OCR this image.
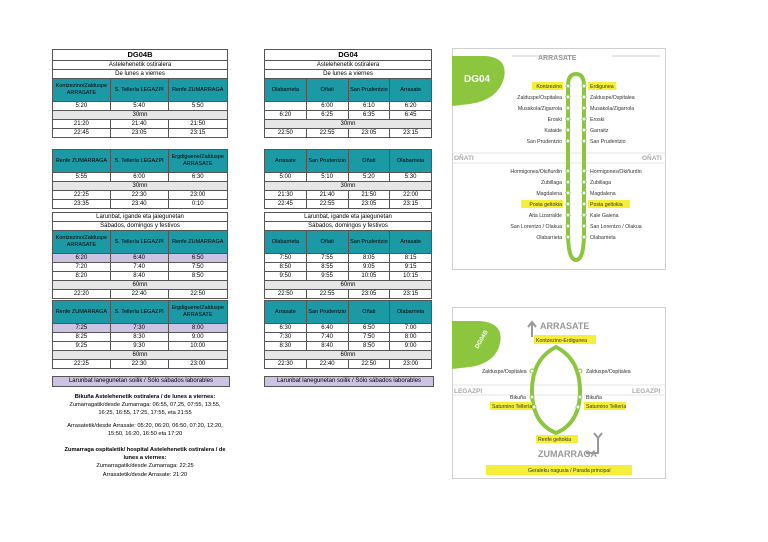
DG04B		
Astelehenetik ostiralera		
De lunes a viernes		
Kontzezino/Zalduspe ARRASATE	S. Tellería LEGAZPI	Renfe ZUMARRAGA
5:20	5:40	5:50
30mn		
21:20	21:40	21:50
22:45	23:05	23:15
Renfe ZUMARRAGA	S. Tellería LEGAZPI	Ergdiguene/Zalduspe ARRASATE
5:55	6:00	6:30
30mn		
22:25	22:30	23:00
23:35	23:40	0:10
Larunbat, igande eta jaiegunetan		
Sábados, domingos y festivos		
Kontzezino/Zalduspe ARRASATE	S. Tellería LEGAZPI	Renfe ZUMARRAGA
6:20	6:40	6:50
7:20	7:40	7:50
8:20	8:40	8:50
60mn		
22:20	22:40	22:50
Renfe ZUMARRAGA	S. Tellería LEGAZPI	Ergdiguene/Zalduspe ARRASATE
7:25	7:30	8:00
8:25	8:30	9:00
9:25	9:30	10:00
60mn		
22:25	22:30	23:00
Larunbat lanegunetan soilik / Sólo sábados laborables
DG04			
Astelehenetik ostiralera			
De lunes a viernes			
Olabarrieta	Oñati	San Prudentzio	Arrasate
	6:00	6:10	6:20
6:20	6:25	6:35	6:45
30mn			
22:50	22:55	23:05	23:15
Arrasate	San Prudentzio	Oñati	Olabarrieta
5:00	5:10	5:20	5:30
30mn			
21:30	21:40	21:50	22:00
22:45	22:55	23:05	23:15
Larunbat, igande eta jaiegunetan			
Sábados, domingos y festivos			
Olabarrieta	Oñati	San Prudentzio	Arrasate
7:50	7:55	8:05	8:15
8:50	8:55	9:05	9:15
9:50	9:55	10:05	10:15
60mn			
22:50	22:55	23:05	23:15
Arrasate	San Prudentzio	Oñati	Olabarrieta
6:30	6:40	6:50	7:00
7:30	7:40	7:50	8:00
8:30	8:40	8:50	9:00
60mn			
22:30	22:40	22:50	23:00
Larunbat lanegunetan soilik / Sólo sábados laborables
Bikuña Astelehenetik ostiralera / de lunes a viernes:
Zumarragatik/desde Zumarraga: 06:55, 07,25, 07:55, 13:55,
16:25, 16:55, 17:25, 17:55, eta 21:55
Arrasatetik/desde Arrasate: 05:20, 06:20, 06:50, 07:20, 12:20,
15:50, 16:20, 16:50 eta 17:20
Zumarraga ospitaletik/ hospital Astelehenetik ostiralera / de
lunes a viernes:
Zumarragatik/desde Zumarraga: 22:25
Arrasatetik/desde Arrasate: 21:20
DG04
ARRASATE
OÑATI	OÑATI
Kontzezino	Erdiguneа
Zalduspe/Ospitalea	Zalduspe/Ospitalea
Musakola/Zigarrola	Musakola/Zigarrola
Eroski	Eroski
Kataide	Garraitz
San Prudentzio	San Prudentzio
Hormigones/Okiñurdin	Hormigones/Okiñurdin
Zubillaga	Zubillaga
Magdalena	Magdalena
Posta geltokia	Posta geltokia
Aita Lizarralde	Kale Gaiena
San Lorentzo / Olakua	San Lorentzo / Olakua
Olabarrieta	Olabarrieta
DG04B
ARRASATE
LEGAZPI	LEGAZPI
Kontzezino-Erdiguneа
Zalduspe/Ospitalea	Zalduspe/Ospitalea
Bikuña	Bikuña
Saturnino Tellería	Saturnino Tellería
Renfe geltokia
ZUMARRAGA
Geraleku nagusia / Parada principal
